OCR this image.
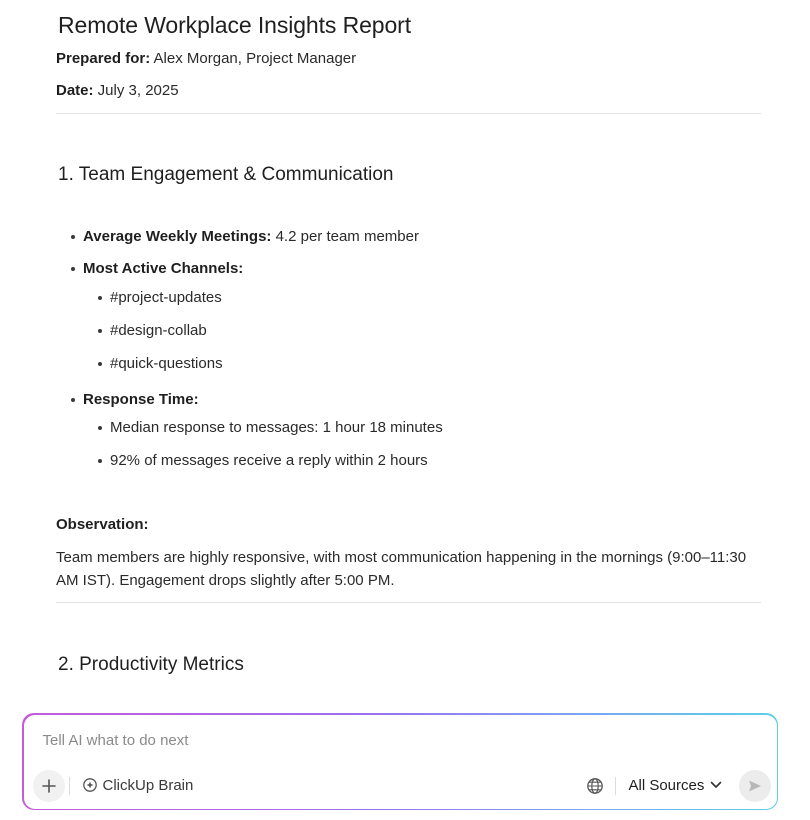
Remote Workplace Insights Report
Prepared for: Alex Morgan, Project Manager
Date: July 3, 2025
1. Team Engagement & Communication
Average Weekly Meetings: 4.2 per team member
Most Active Channels:
#project-updates
#design-collab
#quick-questions
Response Time:
Median response to messages: 1 hour 18 minutes
92% of messages receive a reply within 2 hours
Observation:
Team members are highly responsive, with most communication happening in the mornings (9:00–11:30 AM IST). Engagement drops slightly after 5:00 PM.
2. Productivity Metrics
Tell AI what to do next
ClickUp Brain	All Sources
